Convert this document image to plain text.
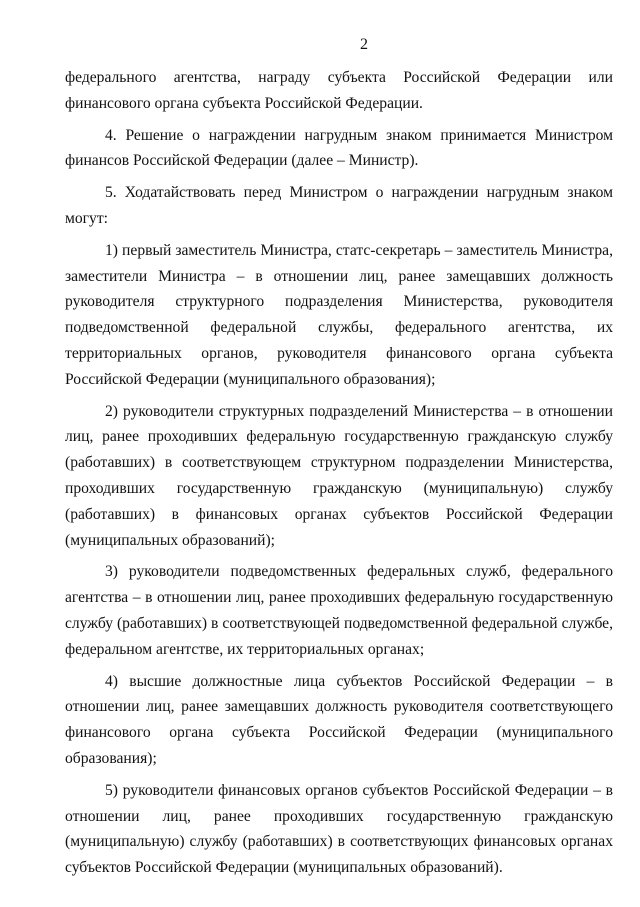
2

федерального агентства, награду субъекта Российской Федерации или финансового органа субъекта Российской Федерации.

4. Решение о награждении нагрудным знаком принимается Министром финансов Российской Федерации (далее – Министр).

5. Ходатайствовать перед Министром о награждении нагрудным знаком могут:

1) первый заместитель Министра, статс-секретарь – заместитель Министра, заместители Министра – в отношении лиц, ранее замещавших должность руководителя структурного подразделения Министерства, руководителя подведомственной федеральной службы, федерального агентства, их территориальных органов, руководителя финансового органа субъекта Российской Федерации (муниципального образования);

2) руководители структурных подразделений Министерства – в отношении лиц, ранее проходивших федеральную государственную гражданскую службу (работавших) в соответствующем структурном подразделении Министерства, проходивших государственную гражданскую (муниципальную) службу (работавших) в финансовых органах субъектов Российской Федерации (муниципальных образований);

3) руководители подведомственных федеральных служб, федерального агентства – в отношении лиц, ранее проходивших федеральную государственную службу (работавших) в соответствующей подведомственной федеральной службе, федеральном агентстве, их территориальных органах;

4) высшие должностные лица субъектов Российской Федерации – в отношении лиц, ранее замещавших должность руководителя соответствующего финансового органа субъекта Российской Федерации (муниципального образования);

5) руководители финансовых органов субъектов Российской Федерации – в отношении лиц, ранее проходивших государственную гражданскую (муниципальную) службу (работавших) в соответствующих финансовых органах субъектов Российской Федерации (муниципальных образований).
